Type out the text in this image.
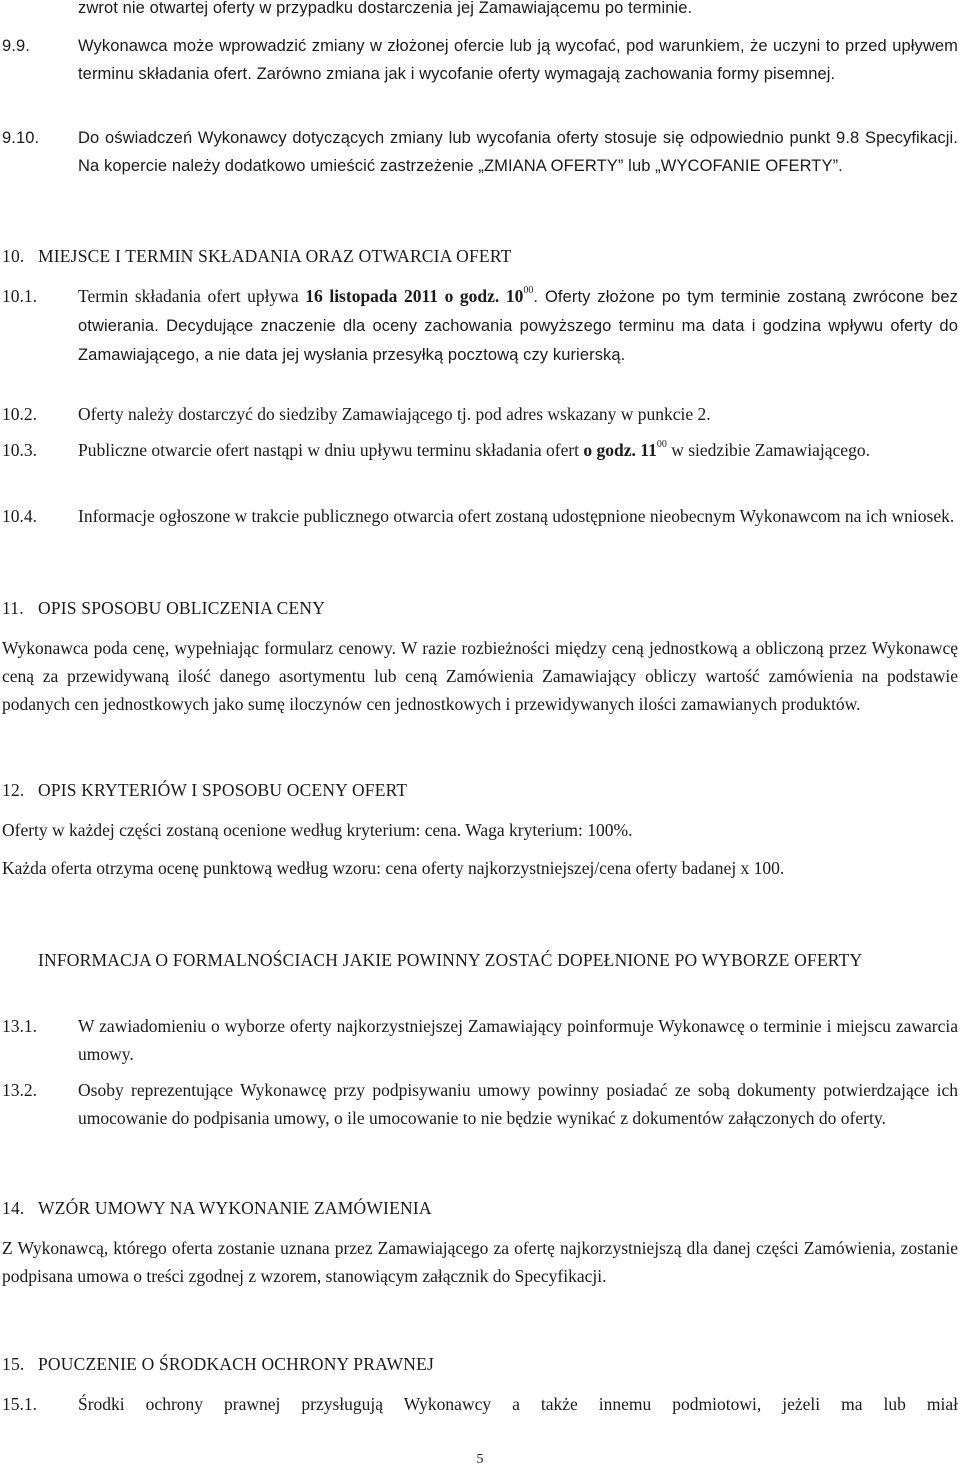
zwrot nie otwartej oferty w przypadku dostarczenia jej Zamawiającemu po terminie.
9.9.	Wykonawca może wprowadzić zmiany w złożonej ofercie lub ją wycofać, pod warunkiem, że uczyni to przed upływem terminu składania ofert. Zarówno zmiana jak i wycofanie oferty wymagają zachowania formy pisemnej.
9.10. Do oświadczeń Wykonawcy dotyczących zmiany lub wycofania oferty stosuje się odpowiednio punkt 9.8 Specyfikacji. Na kopercie należy dodatkowo umieścić zastrzeżenie „ZMIANA OFERTY” lub „WYCOFANIE OFERTY”.
10. MIEJSCE I TERMIN SKŁADANIA ORAZ OTWARCIA OFERT
10.1. Termin składania ofert upływa 16 listopada 2011 o godz. $10^{00}$. Oferty złożone po tym terminie zostaną zwrócone bez otwierania. Decydujące znaczenie dla oceny zachowania powyższego terminu ma data i godzina wpływu oferty do Zamawiającego, a nie data jej wysłania przesyłką pocztową czy kurierską.
10.2. Oferty należy dostarczyć do siedziby Zamawiającego tj. pod adres wskazany w punkcie 2.
10.3. Publiczne otwarcie ofert nastąpi w dniu upływu terminu składania ofert o godz. $11^{00}$ w siedzibie Zamawiającego.
10.4. Informacje ogłoszone w trakcie publicznego otwarcia ofert zostaną udostępnione nieobecnym Wykonawcom na ich wniosek.
11. OPIS SPOSOBU OBLICZENIA CENY
Wykonawca poda cenę, wypełniając formularz cenowy. W razie rozbieżności między ceną jednostkową a obliczoną przez Wykonawcę ceną za przewidywaną ilość danego asortymentu lub ceną Zamówienia Zamawiający obliczy wartość zamówienia na podstawie podanych cen jednostkowych jako sumę iloczynów cen jednostkowych i przewidywanych ilości zamawianych produktów.
12. OPIS KRYTERIÓW I SPOSOBU OCENY OFERT
Oferty w każdej części zostaną ocenione według kryterium: cena. Waga kryterium: 100%.
Każda oferta otrzyma ocenę punktową według wzoru: cena oferty najkorzystniejszej/cena oferty badanej x 100.
INFORMACJA O FORMALNOŚCIACH JAKIE POWINNY ZOSTAĆ DOPEŁNIONE PO WYBORZE OFERTY
13.1. W zawiadomieniu o wyborze oferty najkorzystniejszej Zamawiający poinformuje Wykonawcę o terminie i miejscu zawarcia umowy.
13.2. Osoby reprezentujące Wykonawcę przy podpisywaniu umowy powinny posiadać ze sobą dokumenty potwierdzające ich umocowanie do podpisania umowy, o ile umocowanie to nie będzie wynikać z dokumentów załączonych do oferty.
14. WZÓR UMOWY NA WYKONANIE ZAMÓWIENIA
Z Wykonawcą, którego oferta zostanie uznana przez Zamawiającego za ofertę najkorzystniejszą dla danej części Zamówienia, zostanie podpisana umowa o treści zgodnej z wzorem, stanowiącym załącznik do Specyfikacji.
15. POUCZENIE O ŚRODKACH OCHRONY PRAWNEJ
15.1. Środki ochrony prawnej przysługują Wykonawcy a także innemu podmiotowi, jeżeli ma lub miał
5
